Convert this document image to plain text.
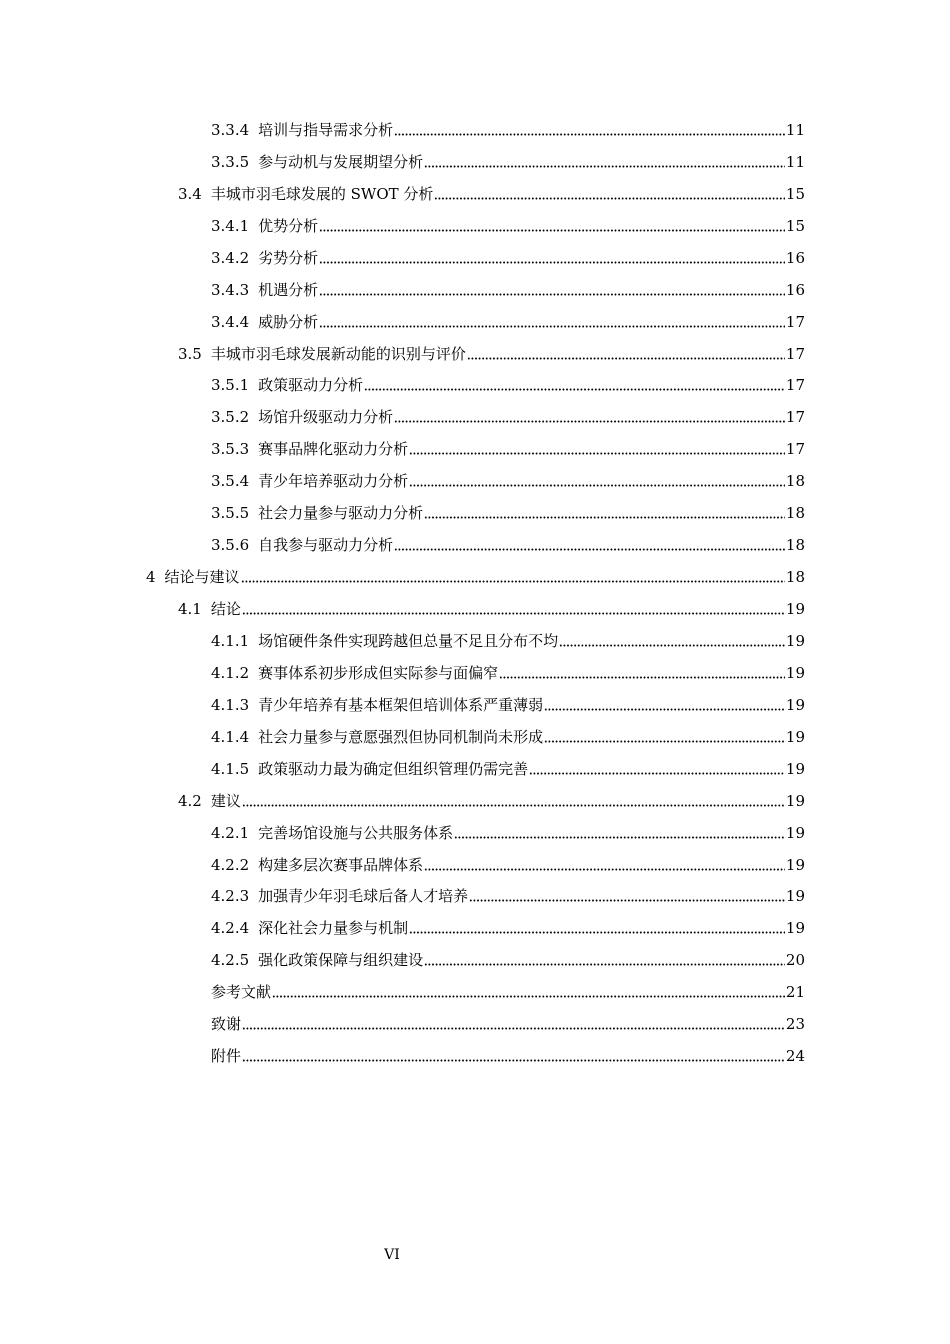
3.3.4 培训与指导需求分析	11
3.3.5 参与动机与发展期望分析	11
3.4 丰城市羽毛球发展的 SWOT 分析	15
3.4.1 优势分析	15
3.4.2 劣势分析	16
3.4.3 机遇分析	16
3.4.4 威胁分析	17
3.5 丰城市羽毛球发展新动能的识别与评价	17
3.5.1 政策驱动力分析	17
3.5.2 场馆升级驱动力分析	17
3.5.3 赛事品牌化驱动力分析	17
3.5.4 青少年培养驱动力分析	18
3.5.5 社会力量参与驱动力分析	18
3.5.6 自我参与驱动力分析	18
4 结论与建议	18
4.1 结论	19
4.1.1 场馆硬件条件实现跨越但总量不足且分布不均	19
4.1.2 赛事体系初步形成但实际参与面偏窄	19
4.1.3 青少年培养有基本框架但培训体系严重薄弱	19
4.1.4 社会力量参与意愿强烈但协同机制尚未形成	19
4.1.5 政策驱动力最为确定但组织管理仍需完善	19
4.2 建议	19
4.2.1 完善场馆设施与公共服务体系	19
4.2.2 构建多层次赛事品牌体系	19
4.2.3 加强青少年羽毛球后备人才培养	19
4.2.4 深化社会力量参与机制	19
4.2.5 强化政策保障与组织建设	20
参考文献	21
致谢	23
附件	24
VI
